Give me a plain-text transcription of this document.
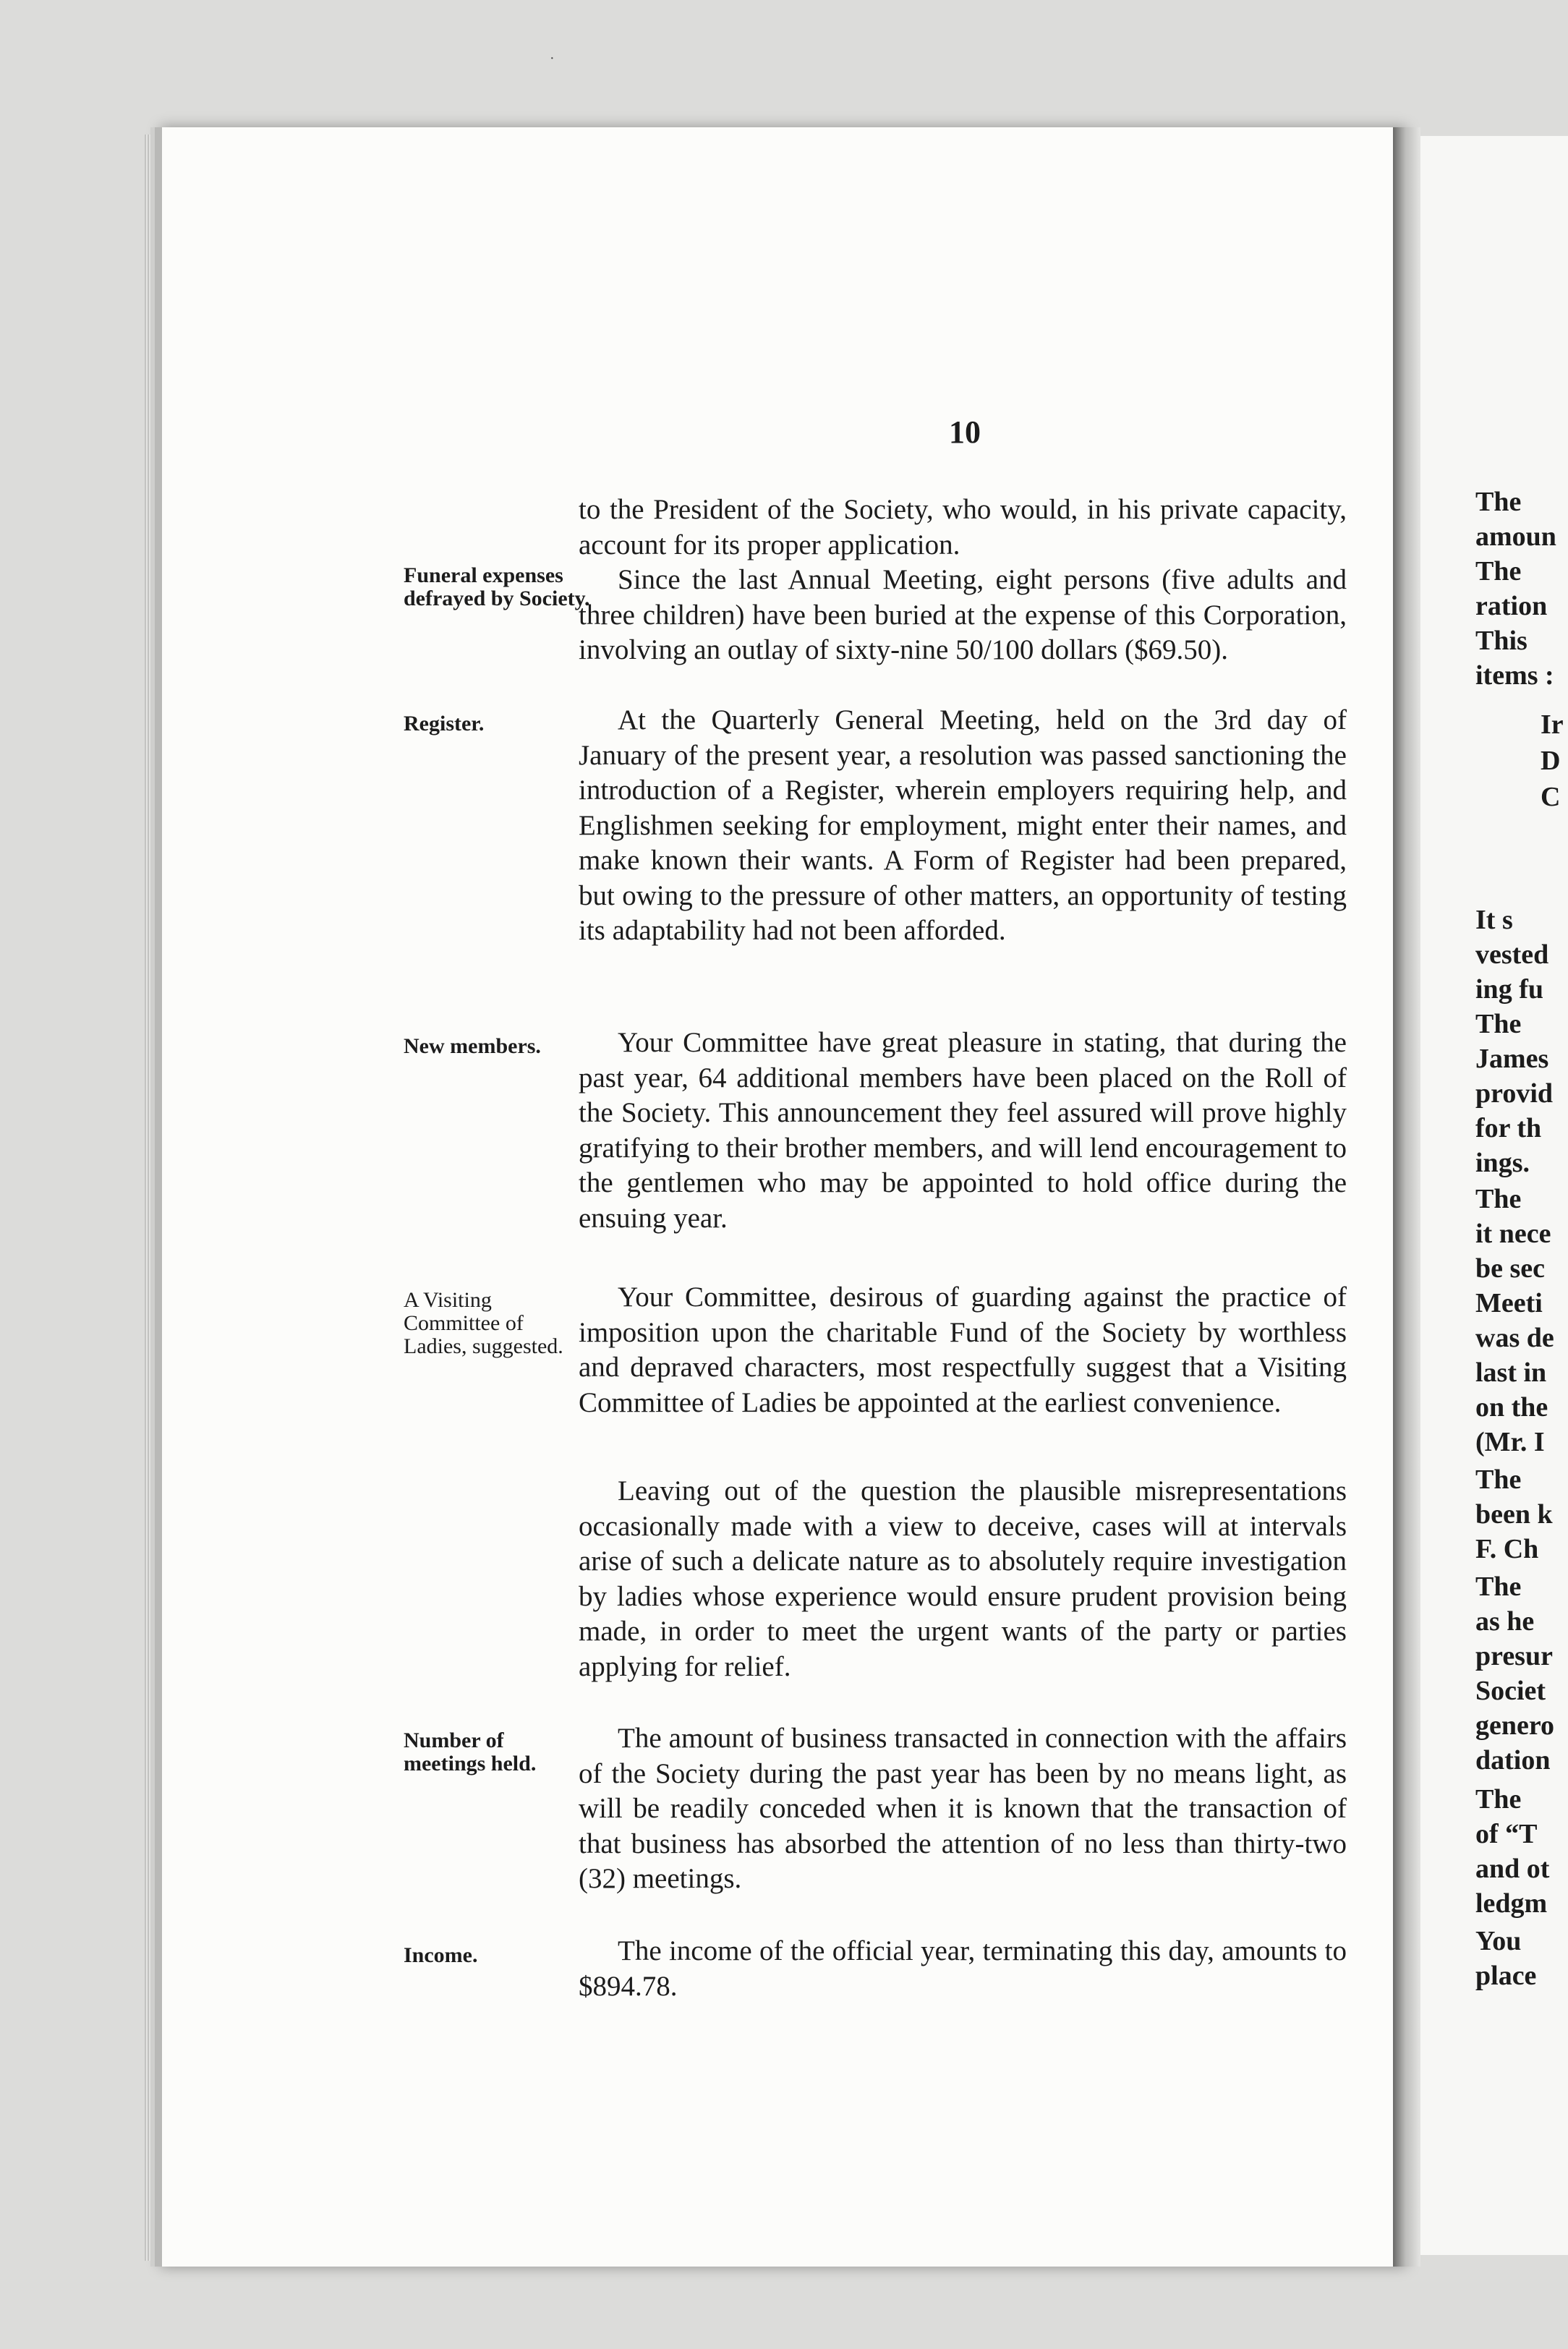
10
Funeral expenses defrayed by Society.
Register.
New members.
A Visiting Committee of Ladies, suggested.
Number of meetings held.
Income.
to the President of the Society, who would, in his private capacity, account for its proper application.
Since the last Annual Meeting, eight persons (five adults and three children) have been buried at the expense of this Corporation, involving an outlay of sixty-nine 50/100 dollars ($69.50).
At the Quarterly General Meeting, held on the 3rd day of January of the present year, a resolution was passed sanctioning the introduction of a Register, wherein employers requiring help, and Englishmen seeking for employment, might enter their names, and make known their wants. A Form of Register had been prepared, but owing to the pressure of other matters, an opportunity of testing its adaptability had not been afforded.
Your Committee have great pleasure in stating, that during the past year, 64 additional members have been placed on the Roll of the Society. This announcement they feel assured will prove highly gratifying to their brother members, and will lend encouragement to the gentlemen who may be appointed to hold office during the ensuing year.
Your Committee, desirous of guarding against the practice of imposition upon the charitable Fund of the Society by worthless and depraved characters, most respectfully suggest that a Visiting Committee of Ladies be appointed at the earliest convenience.
Leaving out of the question the plausible misrepresentations occasionally made with a view to deceive, cases will at intervals arise of such a delicate nature as to absolutely require investigation by ladies whose experience would ensure prudent provision being made, in order to meet the urgent wants of the party or parties applying for relief.
The amount of business transacted in connection with the affairs of the Society during the past year has been by no means light, as will be readily conceded when it is known that the transaction of that business has absorbed the attention of no less than thirty-two (32) meetings.
The income of the official year, terminating this day, amounts to $894.78.
The
amoun
The
ration
This
items :
Ir
D
C
It s
vested
ing fu
The
James
provid
for th
ings.
The
it nece
be sec
Meeti
was de
last in
on the
(Mr. I
The
been k
F. Ch
The
as he
presur
Societ
genero
dation
The
of “T
and ot
ledgm
You
place
·
